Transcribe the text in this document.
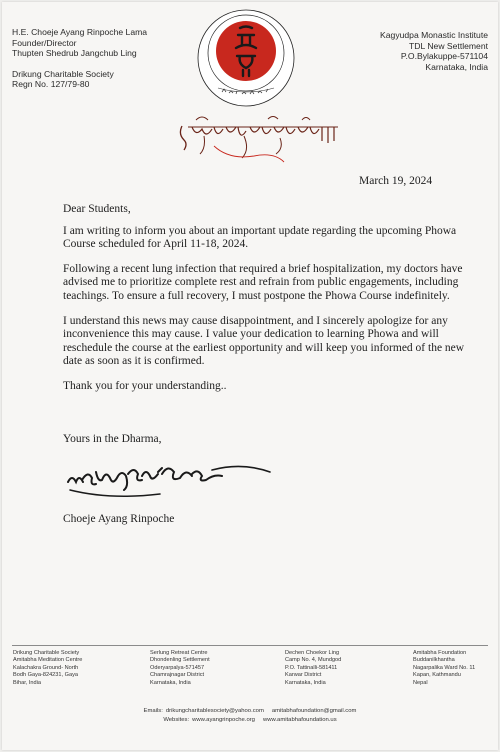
H.E. Choeje Ayang Rinpoche Lama
Founder/Director
Thupten Shedrub Jangchub Ling
Drikung Charitable Society
Regn No. 127/79-80
Kagyudpa Monastic Institute
TDL New Settlement
P.O.Bylakuppe-571104
Karnataka, India
March 19, 2024

Dear Students,

I am writing to inform you about an important update regarding the upcoming Phowa Course scheduled for April 11-18, 2024.

Following a recent lung infection that required a brief hospitalization, my doctors have advised me to prioritize complete rest and refrain from public engagements, including teachings. To ensure a full recovery, I must postpone the Phowa Course indefinitely.

I understand this news may cause disappointment, and I sincerely apologize for any inconvenience this may cause. I value your dedication to learning Phowa and will reschedule the course at the earliest opportunity and will keep you informed of the new date as soon as it is confirmed.

Thank you for your understanding..

Yours in the Dharma,
Choeje Ayang Rinpoche
Drikung Charitable Society
Amitabha Meditation Centre
Kalachakra Ground- North
Bodh Gaya-824231, Gaya
Bihar, India
Serlung Retreat Centre
Dhondenling Settlement
Oderyarpalya-571457
Chamrajnagar District
Karnataka, India
Dechen Choekor Ling
Camp No. 4, Mundgod
P.O. Tattinalli-581411
Karwar District
Karnataka, India
Amitabha Foundation
Buddanilkhantha
Nagarpalika Ward No. 11
Kapan, Kathmandu
Nepal
Emails: drikungcharitablesociety@yahoo.com amitabhafoundation@gmail.com
Websites: www.ayangrinpoche.org www.amitabhafoundation.us
